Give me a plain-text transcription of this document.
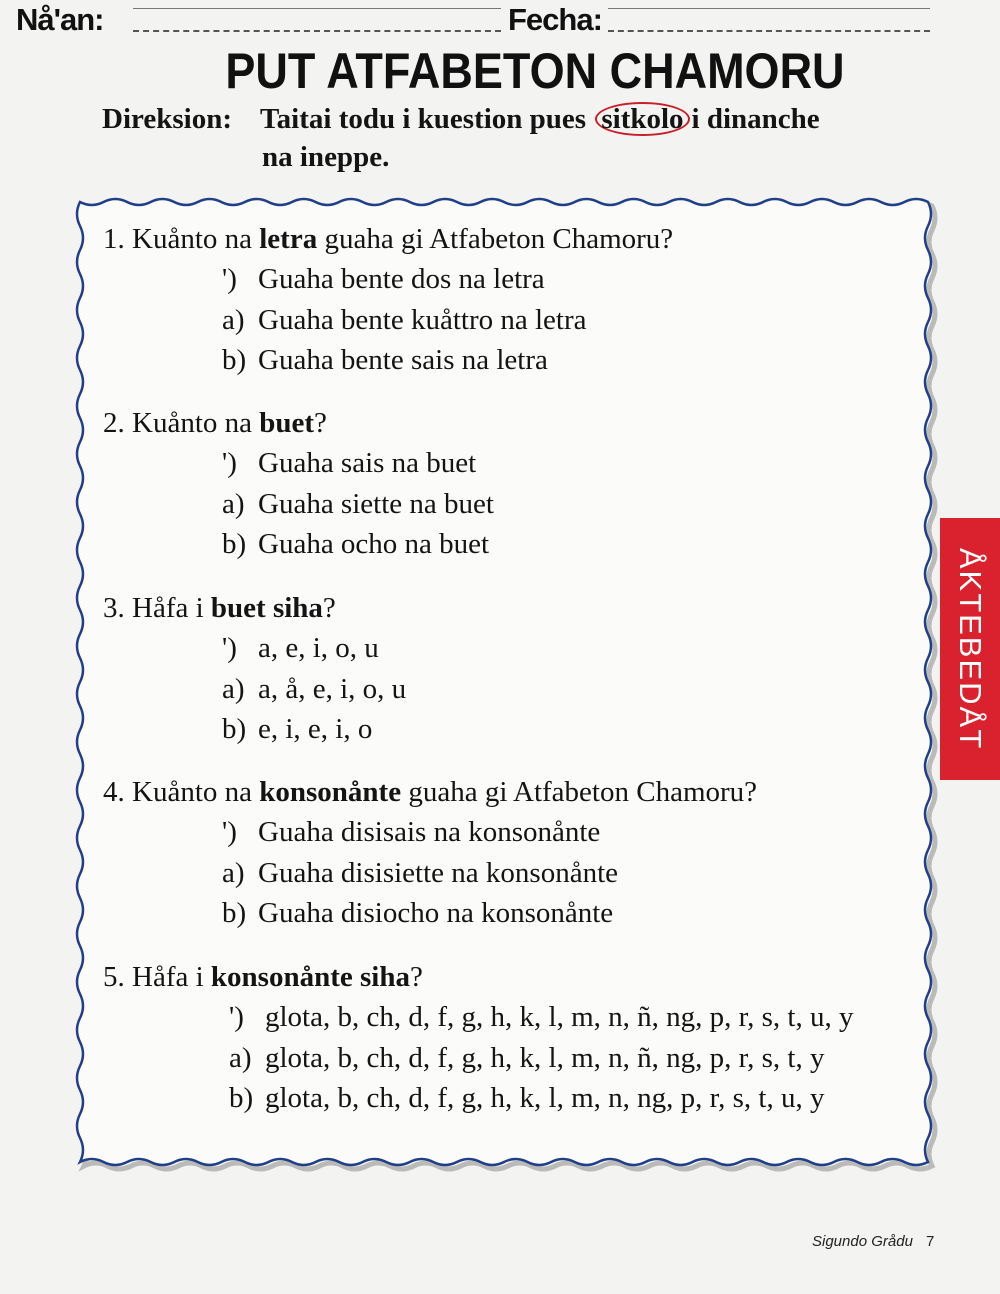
Nå'an:	Fecha:
PUT ATFABETON CHAMORU
Direksion: Taitai todu i kuestion pues sitkolo i dinanche
na ineppe.
1. Kuånto na letra guaha gi Atfabeton Chamoru?
') Guaha bente dos na letra
a) Guaha bente kuåttro na letra
b) Guaha bente sais na letra
2. Kuånto na buet?
') Guaha sais na buet
a) Guaha siette na buet
b) Guaha ocho na buet
3. Håfa i buet siha?
') a, e, i, o, u
a) a, å, e, i, o, u
b) e, i, e, i, o
4. Kuånto na konsonånte guaha gi Atfabeton Chamoru?
') Guaha disisais na konsonånte
a) Guaha disisiette na konsonånte
b) Guaha disiocho na konsonånte
5. Håfa i konsonånte siha?
') glota, b, ch, d, f, g, h, k, l, m, n, ñ, ng, p, r, s, t, u, y
a) glota, b, ch, d, f, g, h, k, l, m, n, ñ, ng, p, r, s, t, y
b) glota, b, ch, d, f, g, h, k, l, m, n, ng, p, r, s, t, u, y
ÅKTEBEDÅT
Sigundo Grådu 7
